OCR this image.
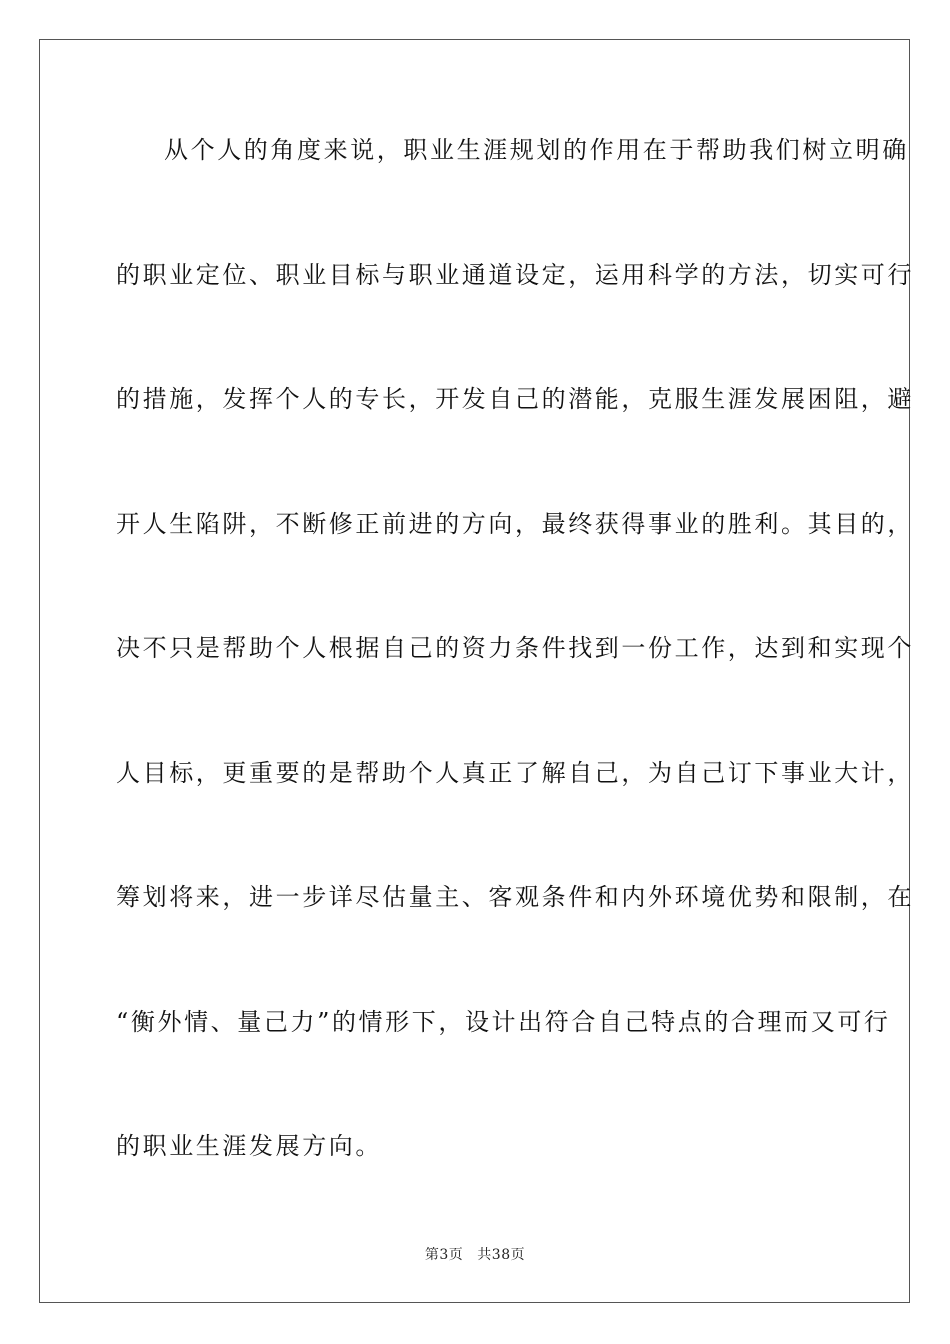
从个人的角度来说，职业生涯规划的作用在于帮助我们树立明确
的职业定位、职业目标与职业通道设定，运用科学的方法，切实可行
的措施，发挥个人的专长，开发自己的潜能，克服生涯发展困阻，避
开人生陷阱，不断修正前进的方向，最终获得事业的胜利。其目的，
决不只是帮助个人根据自己的资力条件找到一份工作，达到和实现个
人目标，更重要的是帮助个人真正了解自己，为自己订下事业大计，
筹划将来，进一步详尽估量主、客观条件和内外环境优势和限制，在
“衡外情、量己力”的情形下，设计出符合自己特点的合理而又可行
的职业生涯发展方向。
第3页 共38页
